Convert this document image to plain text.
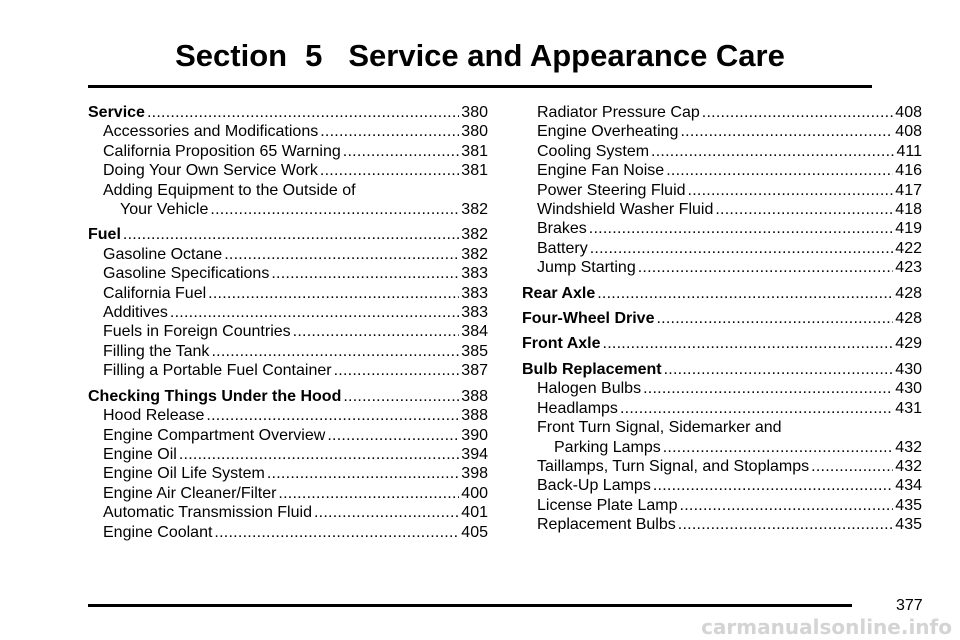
Section 5 Service and Appearance Care
Service . . .	380
Accessories and Modifications . . .	380
California Proposition 65 Warning . . .	381
Doing Your Own Service Work . . .	381
Adding Equipment to the Outside of
Your Vehicle . . .	382
Fuel . . .	382
Gasoline Octane . . .	382
Gasoline Specifications . . .	383
California Fuel . . .	383
Additives . . .	383
Fuels in Foreign Countries . . .	384
Filling the Tank . . .	385
Filling a Portable Fuel Container . . .	387
Checking Things Under the Hood . . .	388
Hood Release . . .	388
Engine Compartment Overview . . .	390
Engine Oil . . .	394
Engine Oil Life System . . .	398
Engine Air Cleaner/Filter . . .	400
Automatic Transmission Fluid . . .	401
Engine Coolant . . .	405
Radiator Pressure Cap . . .	408
Engine Overheating . . .	408
Cooling System . . .	411
Engine Fan Noise . . .	416
Power Steering Fluid . . .	417
Windshield Washer Fluid . . .	418
Brakes . . .	419
Battery . . .	422
Jump Starting . . .	423
Rear Axle . . .	428
Four-Wheel Drive . . .	428
Front Axle . . .	429
Bulb Replacement . . .	430
Halogen Bulbs . . .	430
Headlamps . . .	431
Front Turn Signal, Sidemarker and
Parking Lamps . . .	432
Taillamps, Turn Signal, and Stoplamps . . .	432
Back-Up Lamps . . .	434
License Plate Lamp . . .	435
Replacement Bulbs . . .	435
377
carmanualsonline.info
